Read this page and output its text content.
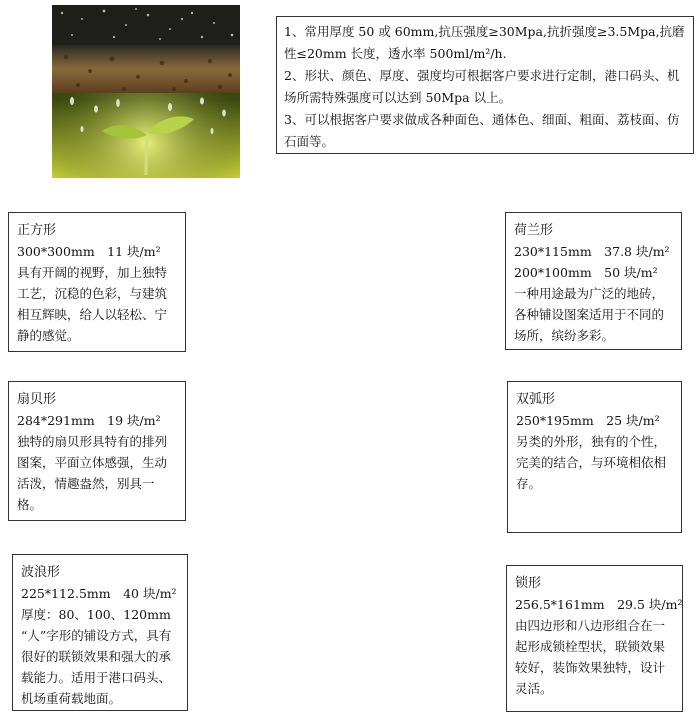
1、常用厚度 50 或 60mm,抗压强度≥30Mpa,抗折强度≥3.5Mpa,抗磨性≤20mm 长度，透水率 500ml/m²/h.
2、形状、颜色、厚度、强度均可根据客户要求进行定制，港口码头、机场所需特殊强度可以达到 50Mpa 以上。
3、可以根据客户要求做成各种面色、通体色、细面、粗面、荔枝面、仿石面等。
正方形
300*300mm　11 块/m²
具有开阔的视野，加上独特工艺，沉稳的色彩，与建筑相互辉映，给人以轻松、宁静的感觉。
荷兰形
230*115mm　37.8 块/m²
200*100mm　50 块/m²
一种用途最为广泛的地砖，各种铺设图案适用于不同的场所，缤纷多彩。
扇贝形
284*291mm　19 块/m²
独特的扇贝形具特有的排列图案，平面立体感强，生动活泼，情趣盎然，别具一格。
双弧形
250*195mm　25 块/m²
另类的外形，独有的个性，完美的结合，与环境相依相存。
波浪形
225*112.5mm　40 块/m²
厚度：80、100、120mm
“人”字形的铺设方式，具有很好的联锁效果和强大的承载能力。适用于港口码头、机场重荷载地面。
锁形
256.5*161mm　29.5 块/m²
由四边形和八边形组合在一起形成锁栓型状，联锁效果较好，装饰效果独特，设计灵活。
